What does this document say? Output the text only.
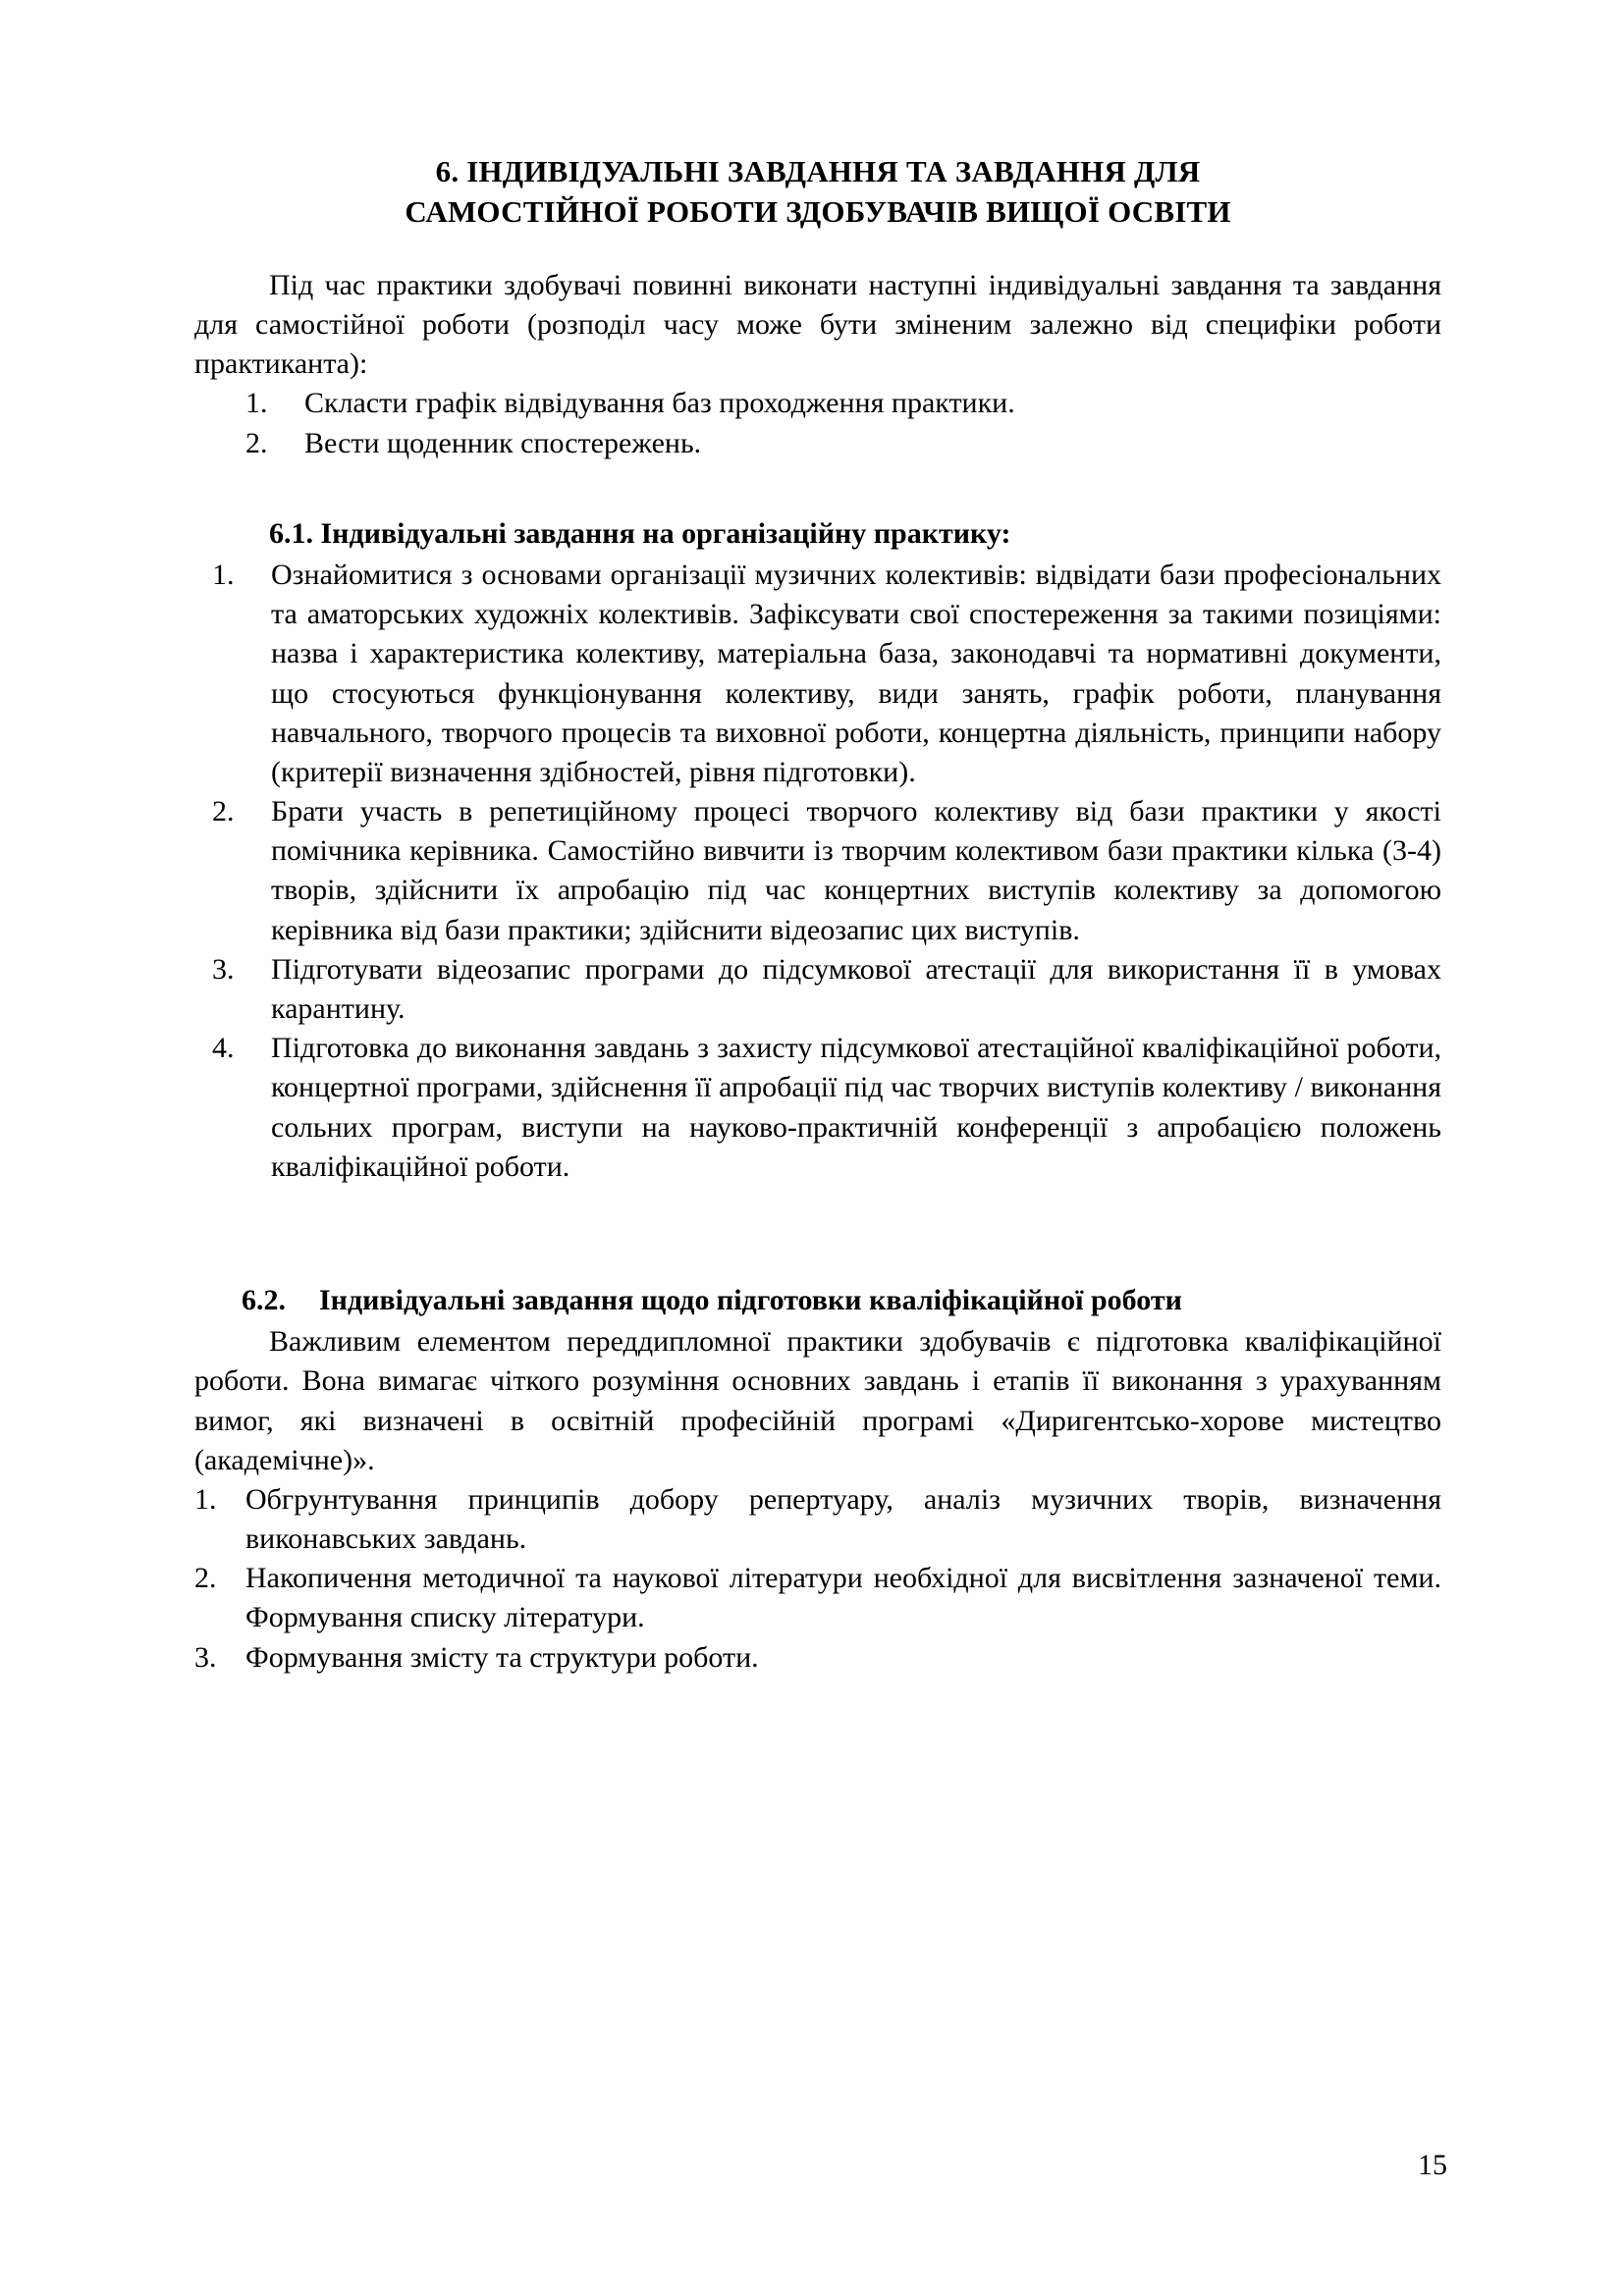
6. ІНДИВІДУАЛЬНІ ЗАВДАННЯ ТА ЗАВДАННЯ ДЛЯ
САМОСТІЙНОЇ РОБОТИ ЗДОБУВАЧІВ ВИЩОЇ ОСВІТИ

Під час практики здобувачі повинні виконати наступні індивідуальні завдання та завдання для самостійної роботи (розподіл часу може бути зміненим залежно від специфіки роботи практиканта):

1.	Скласти графік відвідування баз проходження практики.
2.	Вести щоденник спостережень.

6.1. Індивідуальні завдання на організаційну практику:

1.	Ознайомитися з основами організації музичних колективів: відвідати бази професіональних та аматорських художніх колективів. Зафіксувати свої спостереження за такими позиціями: назва і характеристика колективу, матеріальна база, законодавчі та нормативні документи, що стосуються функціонування колективу, види занять, графік роботи, планування навчального, творчого процесів та виховної роботи, концертна діяльність, принципи набору (критерії визначення здібностей, рівня підготовки).
2.	Брати участь в репетиційному процесі творчого колективу від бази практики у якості помічника керівника. Самостійно вивчити із творчим колективом бази практики кілька (3-4) творів, здійснити їх апробацію під час концертних виступів колективу за допомогою керівника від бази практики; здійснити відеозапис цих виступів.
3.	Підготувати відеозапис програми до підсумкової атестації для використання її в умовах карантину.
4.	Підготовка до виконання завдань з захисту підсумкової атестаційної кваліфікаційної роботи, концертної програми, здійснення її апробації під час творчих виступів колективу / виконання сольних програм, виступи на науково-практичній конференції з апробацією положень кваліфікаційної роботи.

6.2. Індивідуальні завдання щодо підготовки кваліфікаційної роботи

Важливим елементом переддипломної практики здобувачів є підготовка кваліфікаційної роботи. Вона вимагає чіткого розуміння основних завдань і етапів її виконання з урахуванням вимог, які визначені в освітній професійній програмі «Диригентсько-хорове мистецтво (академічне)».

1. Обгрунтування принципів добору репертуару, аналіз музичних творів, визначення виконавських завдань.
2. Накопичення методичної та наукової літератури необхідної для висвітлення зазначеної теми. Формування списку літератури.
3. Формування змісту та структури роботи.
15
